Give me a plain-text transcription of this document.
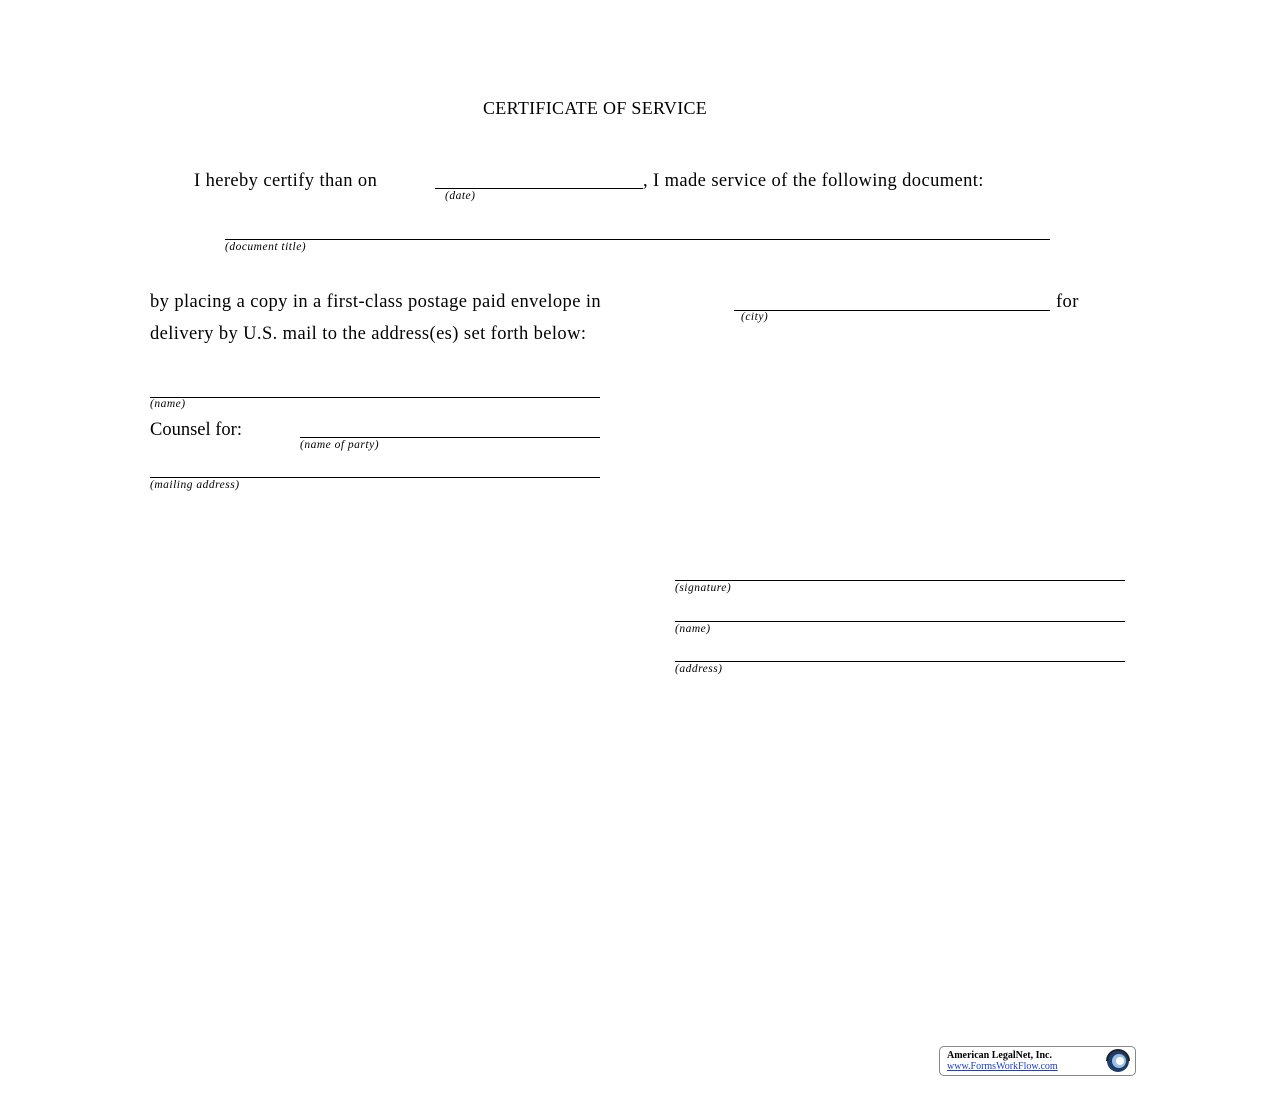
CERTIFICATE OF SERVICE
I hereby certify than on	, I made service of the following document:
(date)
(document title)
by placing a copy in a first-class postage paid envelope in	for
(city)
delivery by U.S. mail to the address(es) set forth below:
(name)
Counsel for:
(name of party)
(mailing address)
(signature)
(name)
(address)
American LegalNet, Inc.
www.FormsWorkFlow.com
